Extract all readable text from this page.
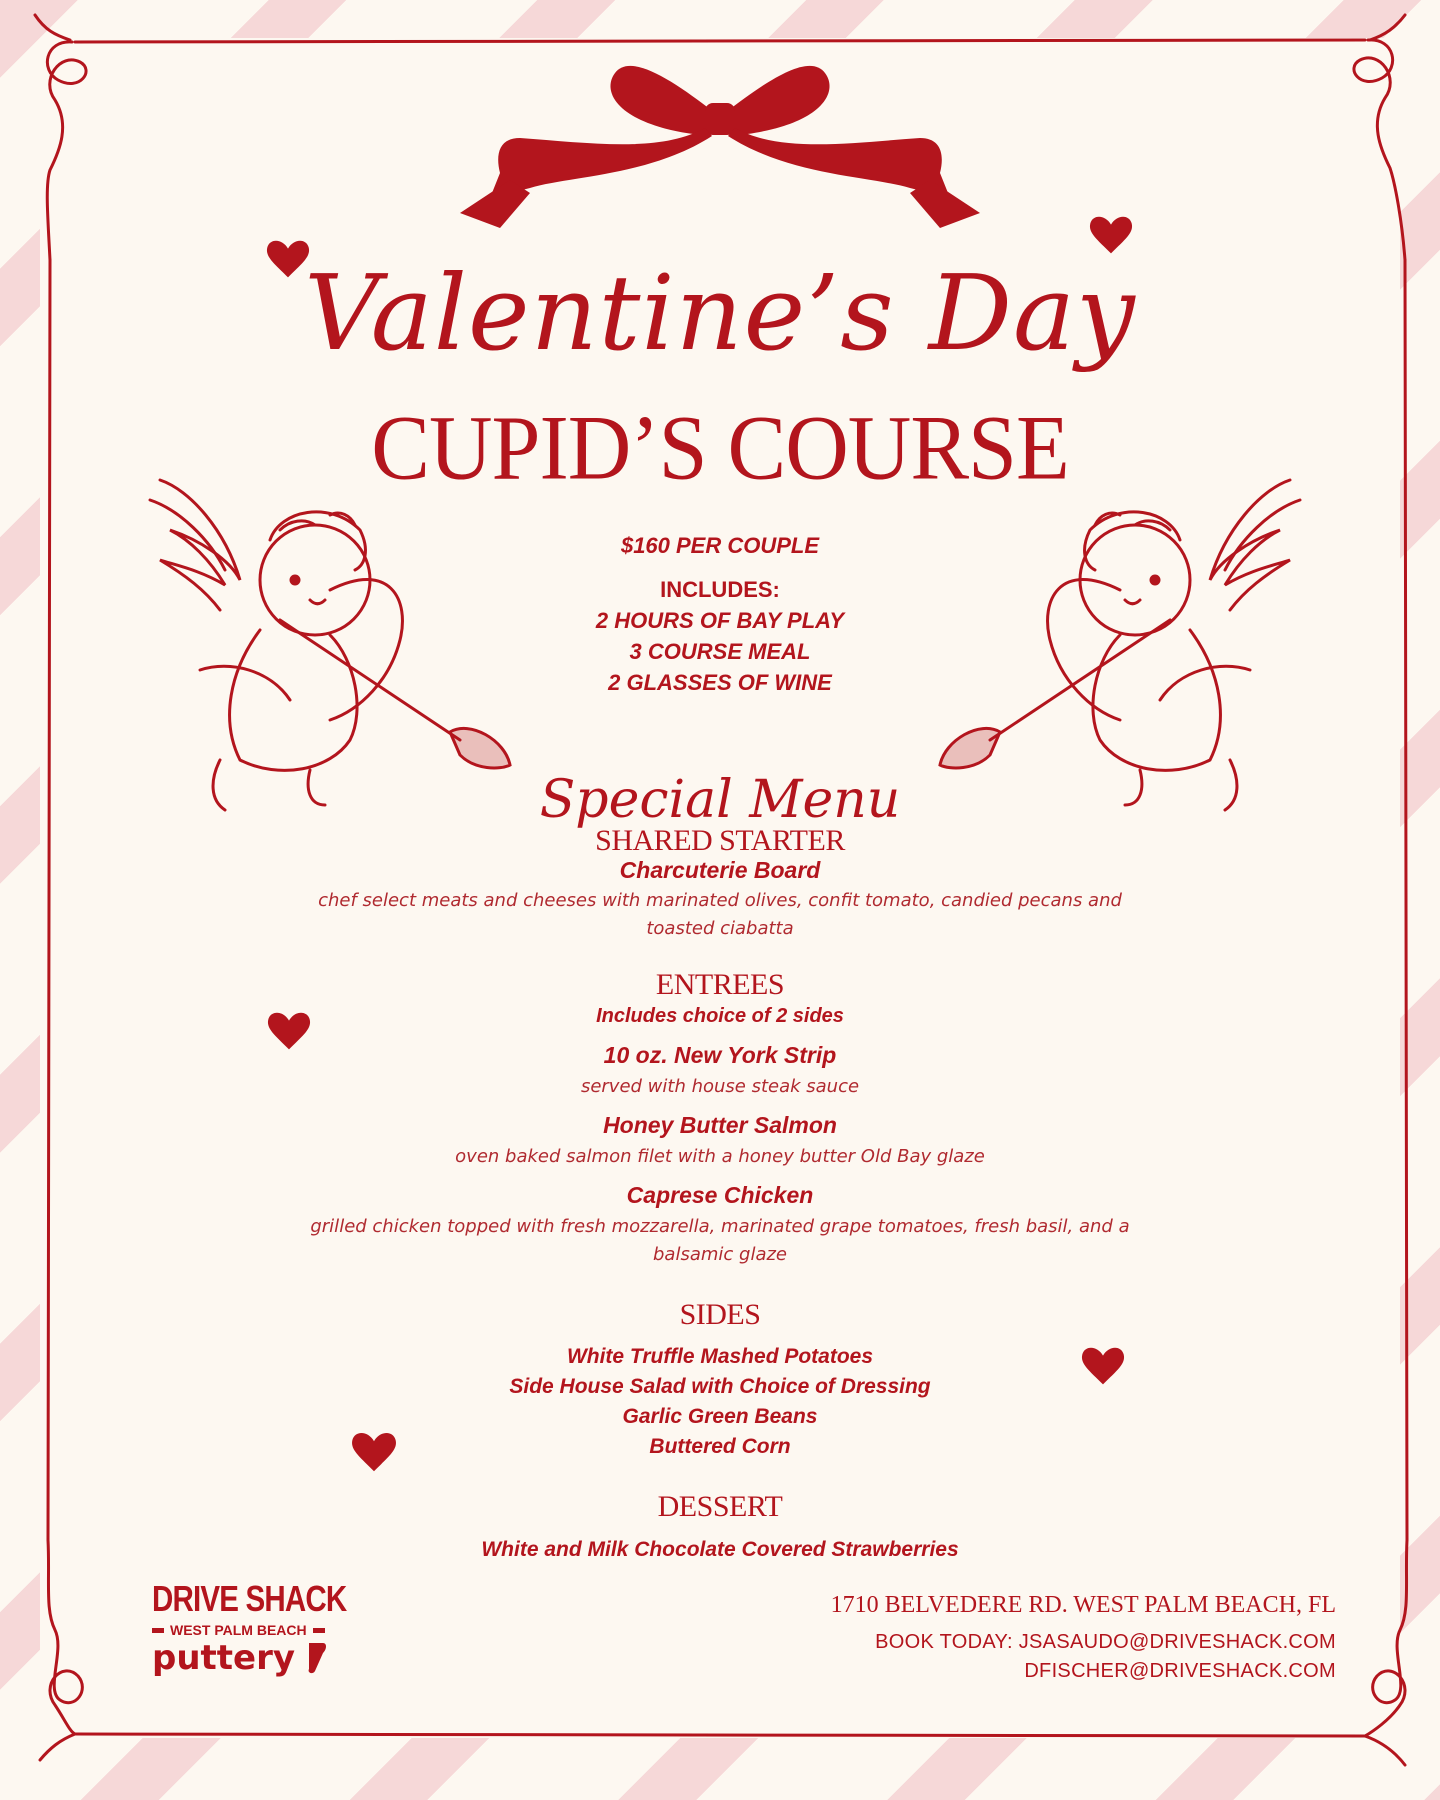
Valentine’s Day
CUPID’S COURSE
$160 PER COUPLE
INCLUDES:
2 HOURS OF BAY PLAY
3 COURSE MEAL
2 GLASSES OF WINE
Special Menu
SHARED STARTER
Charcuterie Board
chef select meats and cheeses with marinated olives, confit tomato, candied pecans and
toasted ciabatta
ENTREES
Includes choice of 2 sides
10 oz. New York Strip
served with house steak sauce
Honey Butter Salmon
oven baked salmon filet with a honey butter Old Bay glaze
Caprese Chicken
grilled chicken topped with fresh mozzarella, marinated grape tomatoes, fresh basil, and a
balsamic glaze
SIDES
White Truffle Mashed Potatoes
Side House Salad with Choice of Dressing
Garlic Green Beans
Buttered Corn
DESSERT
White and Milk Chocolate Covered Strawberries
DRIVE SHACK
WEST PALM BEACH
puttery
1710 BELVEDERE RD. WEST PALM BEACH, FL
BOOK TODAY: JSASAUDO@DRIVESHACK.COM
DFISCHER@DRIVESHACK.COM
